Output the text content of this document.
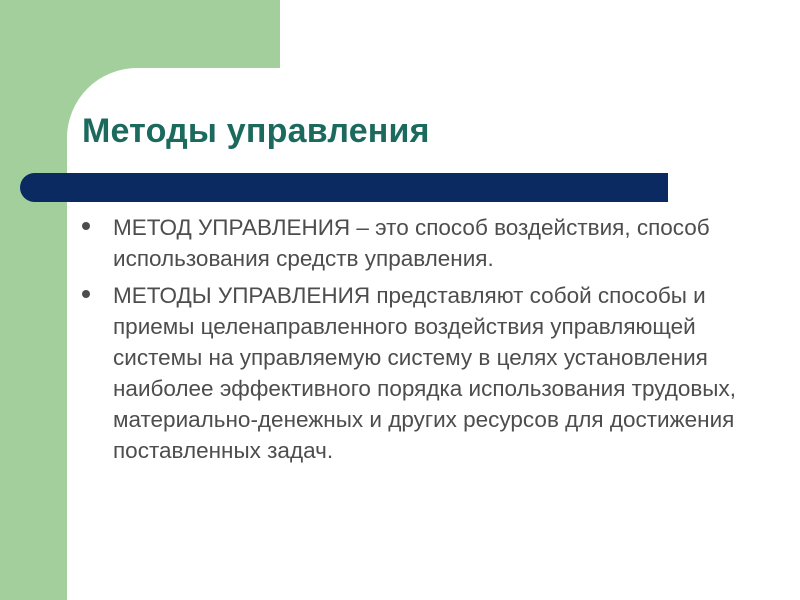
Методы управления
МЕТОД УПРАВЛЕНИЯ – это способ воздействия, способ использования средств управления.
МЕТОДЫ УПРАВЛЕНИЯ представляют собой способы и приемы целенаправленного воздействия управляющей системы на управляемую систему в целях установления наиболее эффективного порядка использования трудовых, материально-денежных и других ресурсов для достижения поставленных задач.
